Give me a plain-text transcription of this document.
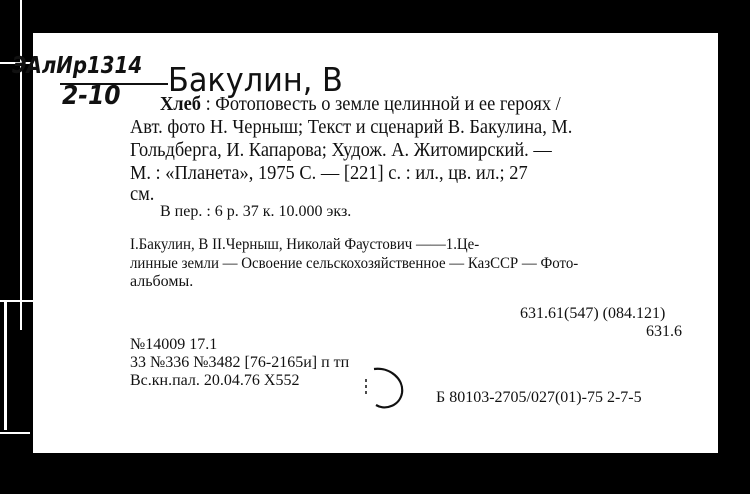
ЭАлИр1314
2-10 Бакулин, В
Хлеб : Фотоповесть о земле целинной и ее героях /
Авт. фото Н. Черныш; Текст и сценарий В. Бакулина, М.
Гольдберга, И. Капарова; Худож. А. Житомирский. —
М. : «Планета», 1975 С. — [221] с. : ил., цв. ил.; 27
см.
В пер. : 6 р. 37 к. 10.000 экз.
I.Бакулин, В II.Черныш, Николай Фаустович ——1.Це-
линные земли — Освоение сельскохозяйственное — КазССР — Фото-
альбомы.
631.61(547) (084.121)
631.6
№14009 17.1
33 №336 №3482 [76-2165и] п тп
Вс.кн.пал. 20.04.76 Х552
Б 80103-2705/027(01)-75 2-7-5
